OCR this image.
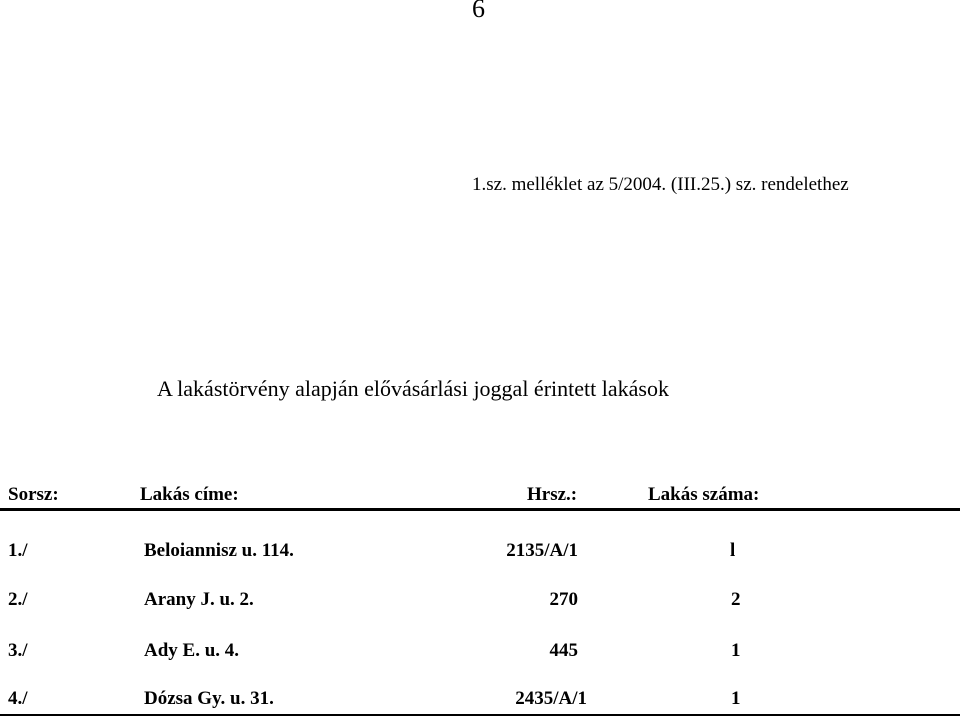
6
1.sz. melléklet az 5/2004. (III.25.) sz. rendelethez
A lakástörvény alapján elővásárlási joggal érintett lakások
Sorsz:	Lakás címe:	Hrsz.:	Lakás száma:
1./	Beloiannisz u. 114.	2135/A/1	l
2./	Arany J. u. 2.	270	2
3./	Ady E. u. 4.	445	1
4./	Dózsa Gy. u. 31.	2435/A/1	1
